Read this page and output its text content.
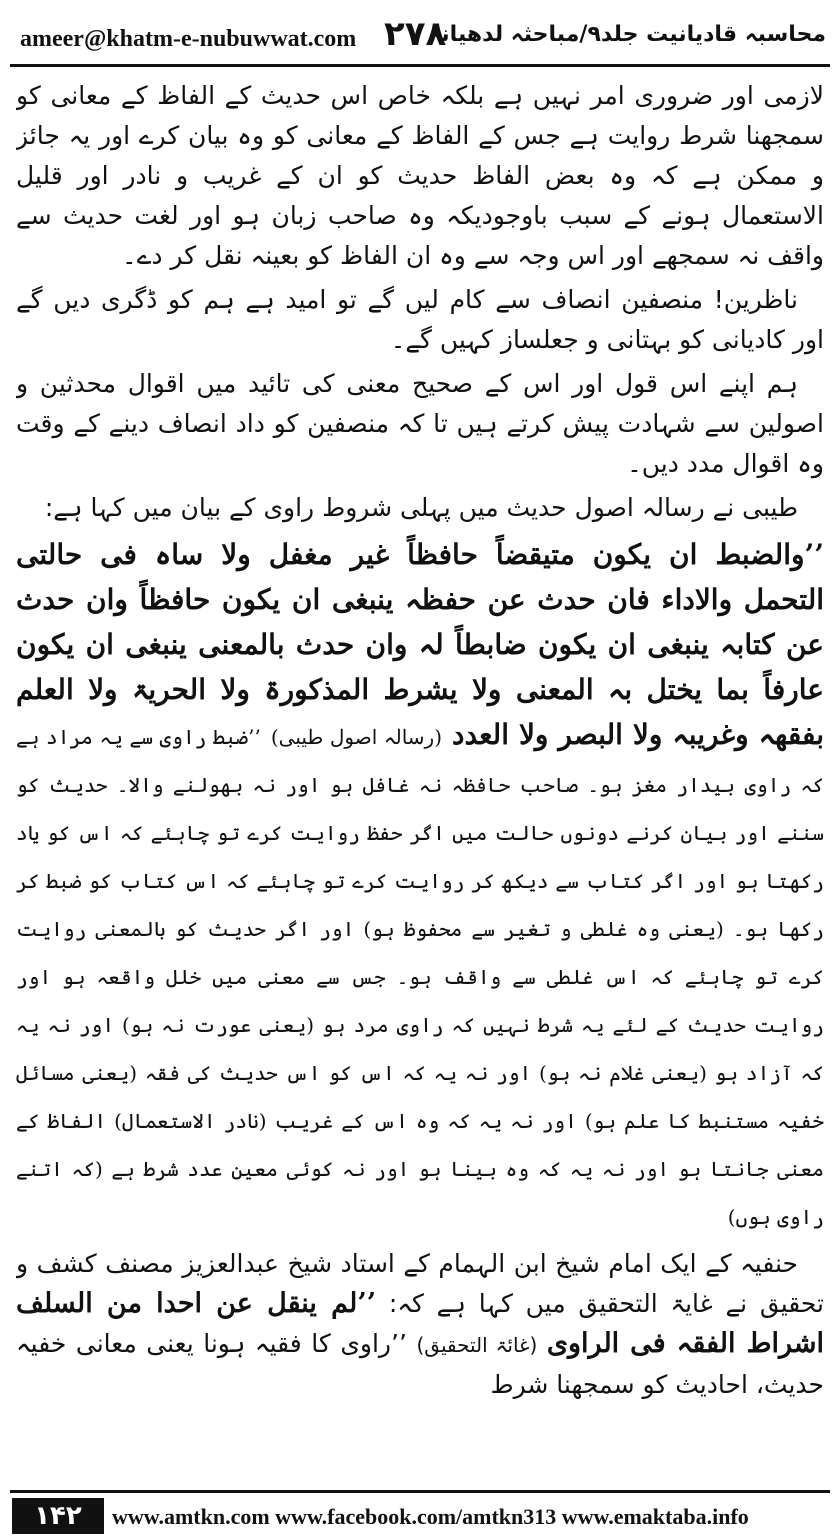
ameer@khatm-e-nubuwwat.com ۲۷۸
محاسبہ قادیانیت جلد۹/مباحثہ لدھیانہ

لازمی اور ضروری امر نہیں ہے بلکہ خاص اس حدیث کے الفاظ کے معانی کو سمجھنا شرط روایت ہے جس کے الفاظ کے معانی کو وہ بیان کرے اور یہ جائز و ممکن ہے کہ وہ بعض الفاظ حدیث کو ان کے غریب و نادر اور قلیل الاستعمال ہونے کے سبب باوجودیکہ وہ صاحب زبان ہو اور لغت حدیث سے واقف نہ سمجھے اور اس وجہ سے وہ ان الفاظ کو بعینہ نقل کر دے۔

ناظرین! منصفین انصاف سے کام لیں گے تو امید ہے ہم کو ڈگری دیں گے اور کادیانی کو بہتانی و جعلساز کہیں گے۔

ہم اپنے اس قول اور اس کے صحیح معنی کی تائید میں اقوال محدثین و اصولین سے شہادت پیش کرتے ہیں تا کہ منصفین کو داد انصاف دینے کے وقت وہ اقوال مدد دیں۔

طیبی نے رسالہ اصول حدیث میں پہلی شروط راوی کے بیان میں کہا ہے:

’’والضبط ان یکون متیقضاً حافظاً غیر مغفل ولا ساہ فی حالتی التحمل والاداء فان حدث عن حفظہ ینبغی ان یکون حافظاً وان حدث عن کتابہ ینبغی ان یکون ضابطاً لہ وان حدث بالمعنی ینبغی ان یکون عارفاً بما یختل بہ المعنی ولا یشرط المذکورۃ ولا الحریۃ ولا العلم بفقھہ وغریبہ ولا البصر ولا العدد (رسالہ اصول طیبی) ’’ضبط راوی سے یہ مراد ہے کہ راوی بیدار مغز ہو۔ صاحب حافظہ نہ غافل ہو اور نہ بھولنے والا۔ حدیث کو سننے اور بیان کرنے دونوں حالت میں اگر حفظ روایت کرے تو چاہئے کہ اس کو یاد رکھتا ہو اور اگر کتاب سے دیکھ کر روایت کرے تو چاہئے کہ اس کتاب کو ضبط کر رکھا ہو۔ (یعنی وہ غلطی و تغیر سے محفوظ ہو) اور اگر حدیث کو بالمعنی روایت کرے تو چاہئے کہ اس غلطی سے واقف ہو۔ جس سے معنی میں خلل واقعہ ہو اور روایت حدیث کے لئے یہ شرط نہیں کہ راوی مرد ہو (یعنی عورت نہ ہو) اور نہ یہ کہ آزاد ہو (یعنی غلام نہ ہو) اور نہ یہ کہ اس کو اس حدیث کی فقہ (یعنی مسائل خفیہ مستنبط کا علم ہو) اور نہ یہ کہ وہ اس کے غریب (نادر الاستعمال) الفاظ کے معنی جانتا ہو اور نہ یہ کہ وہ بینا ہو اور نہ کوئی معین عدد شرط ہے (کہ اتنے راوی ہوں)

حنفیہ کے ایک امام شیخ ابن الہمام کے استاد شیخ عبدالعزیز مصنف کشف و تحقیق نے غایۃ التحقیق میں کہا ہے کہ: ’’لم ینقل عن احدا من السلف اشراط الفقہ فی الراوی (غائۃ التحقیق) ’’راوی کا فقیہ ہونا یعنی معانی خفیہ حدیث، احادیث کو سمجھنا شرط

۱۴۲	www.amtkn.com www.facebook.com/amtkn313 www.emaktaba.info
